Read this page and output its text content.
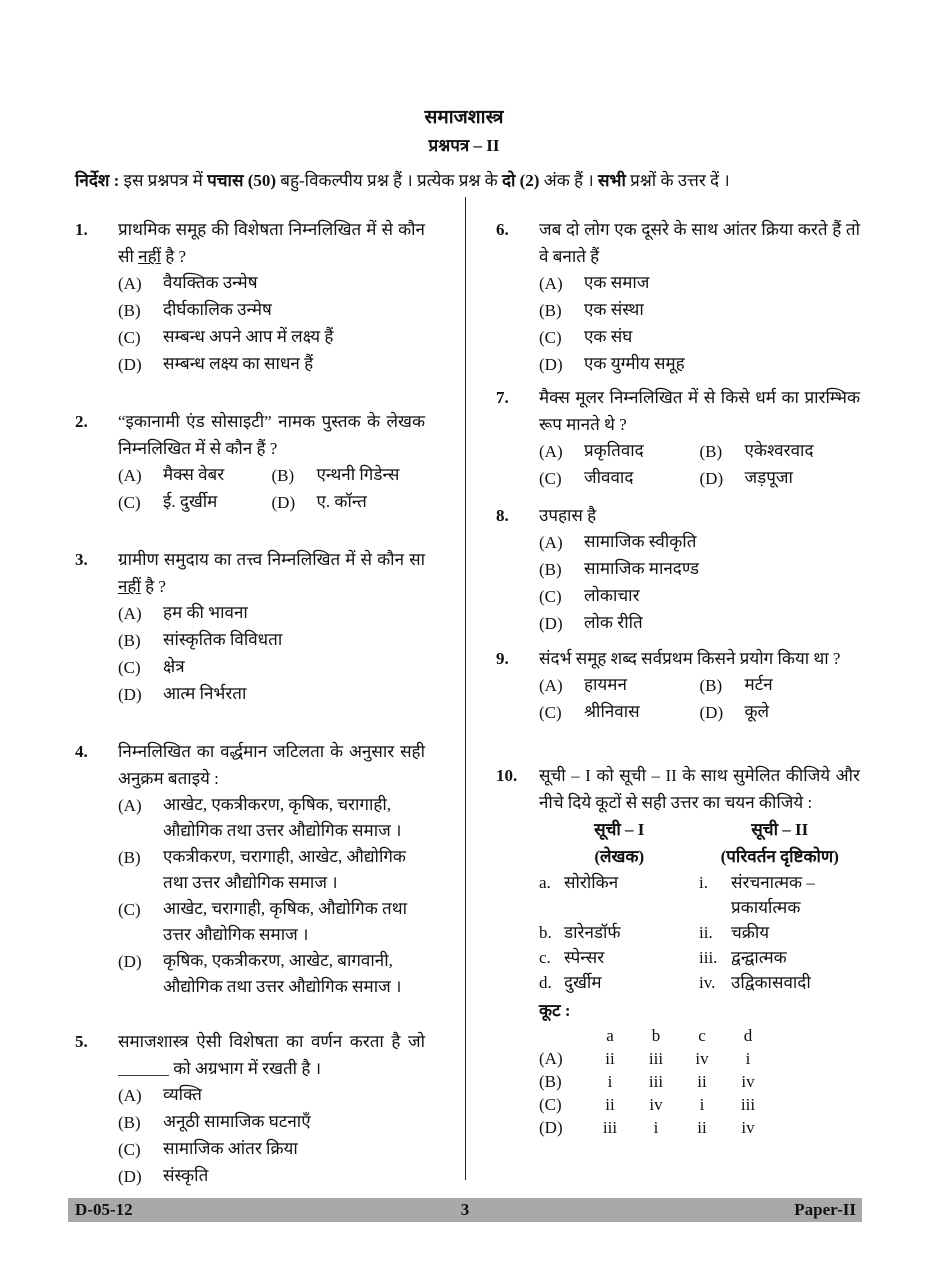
समाजशास्त्र
प्रश्नपत्र – II
निर्देश : इस प्रश्नपत्र में पचास (50) बहु-विकल्पीय प्रश्न हैं । प्रत्येक प्रश्न के दो (2) अंक हैं । सभी प्रश्नों के उत्तर दें ।
1. प्राथमिक समूह की विशेषता निम्नलिखित में से कौन सी नहीं है ?
(A)	वैयक्तिक उन्मेष
(B)	दीर्घकालिक उन्मेष
(C)	सम्बन्ध अपने आप में लक्ष्य हैं
(D)	सम्बन्ध लक्ष्य का साधन हैं
2. “इकानामी एंड सोसाइटी” नामक पुस्तक के लेखक निम्नलिखित में से कौन हैं ?
(A)	मैक्स वेबर	(B)	एन्थनी गिडेन्स
(C)	ई. दुर्खीम	(D)	ए. कॉन्त
3. ग्रामीण समुदाय का तत्त्व निम्नलिखित में से कौन सा नहीं है ?
(A)	हम की भावना
(B)	सांस्कृतिक विविधता
(C)	क्षेत्र
(D)	आत्म निर्भरता
4. निम्नलिखित का वर्द्धमान जटिलता के अनुसार सही अनुक्रम बताइये :
(A)	आखेट, एकत्रीकरण, कृषिक, चरागाही, औद्योगिक तथा उत्तर औद्योगिक समाज ।
(B)	एकत्रीकरण, चरागाही, आखेट, औद्योगिक तथा उत्तर औद्योगिक समाज ।
(C)	आखेट, चरागाही, कृषिक, औद्योगिक तथा उत्तर औद्योगिक समाज ।
(D)	कृषिक, एकत्रीकरण, आखेट, बागवानी, औद्योगिक तथा उत्तर औद्योगिक समाज ।
5. समाजशास्त्र ऐसी विशेषता का वर्णन करता है जो ______ को अग्रभाग में रखती है ।
(A)	व्यक्ति
(B)	अनूठी सामाजिक घटनाएँ
(C)	सामाजिक आंतर क्रिया
(D)	संस्कृति
6. जब दो लोग एक दूसरे के साथ आंतर क्रिया करते हैं तो वे बनाते हैं
(A)	एक समाज
(B)	एक संस्था
(C)	एक संघ
(D)	एक युग्मीय समूह
7. मैक्स मूलर निम्नलिखित में से किसे धर्म का प्रारम्भिक रूप मानते थे ?
(A)	प्रकृतिवाद	(B)	एकेश्वरवाद
(C)	जीववाद	(D)	जड़पूजा
8. उपहास है
(A)	सामाजिक स्वीकृति
(B)	सामाजिक मानदण्ड
(C)	लोकाचार
(D)	लोक रीति
9. संदर्भ समूह शब्द सर्वप्रथम किसने प्रयोग किया था ?
(A)	हायमन	(B)	मर्टन
(C)	श्रीनिवास	(D)	कूले
10. सूची – I को सूची – II के साथ सुमेलित कीजिये और नीचे दिये कूटों से सही उत्तर का चयन कीजिये :
सूची – I
(लेखक)
सूची – II
(परिवर्तन दृष्टिकोण)
a. सोरोकिन	i.	संरचनात्मक – प्रकार्यात्मक
b. डारेनडॉर्फ	ii.	चक्रीय
c. स्पेन्सर	iii. द्वन्द्वात्मक
d. दुर्खीम	iv. उद्विकासवादी
कूट :
a	b	c	d
(A)	ii	iii	iv	i
(B)	i	iii	ii	iv
(C)	ii	iv	i	iii
(D)	iii	i	ii	iv
D-05-12	3	Paper-II
